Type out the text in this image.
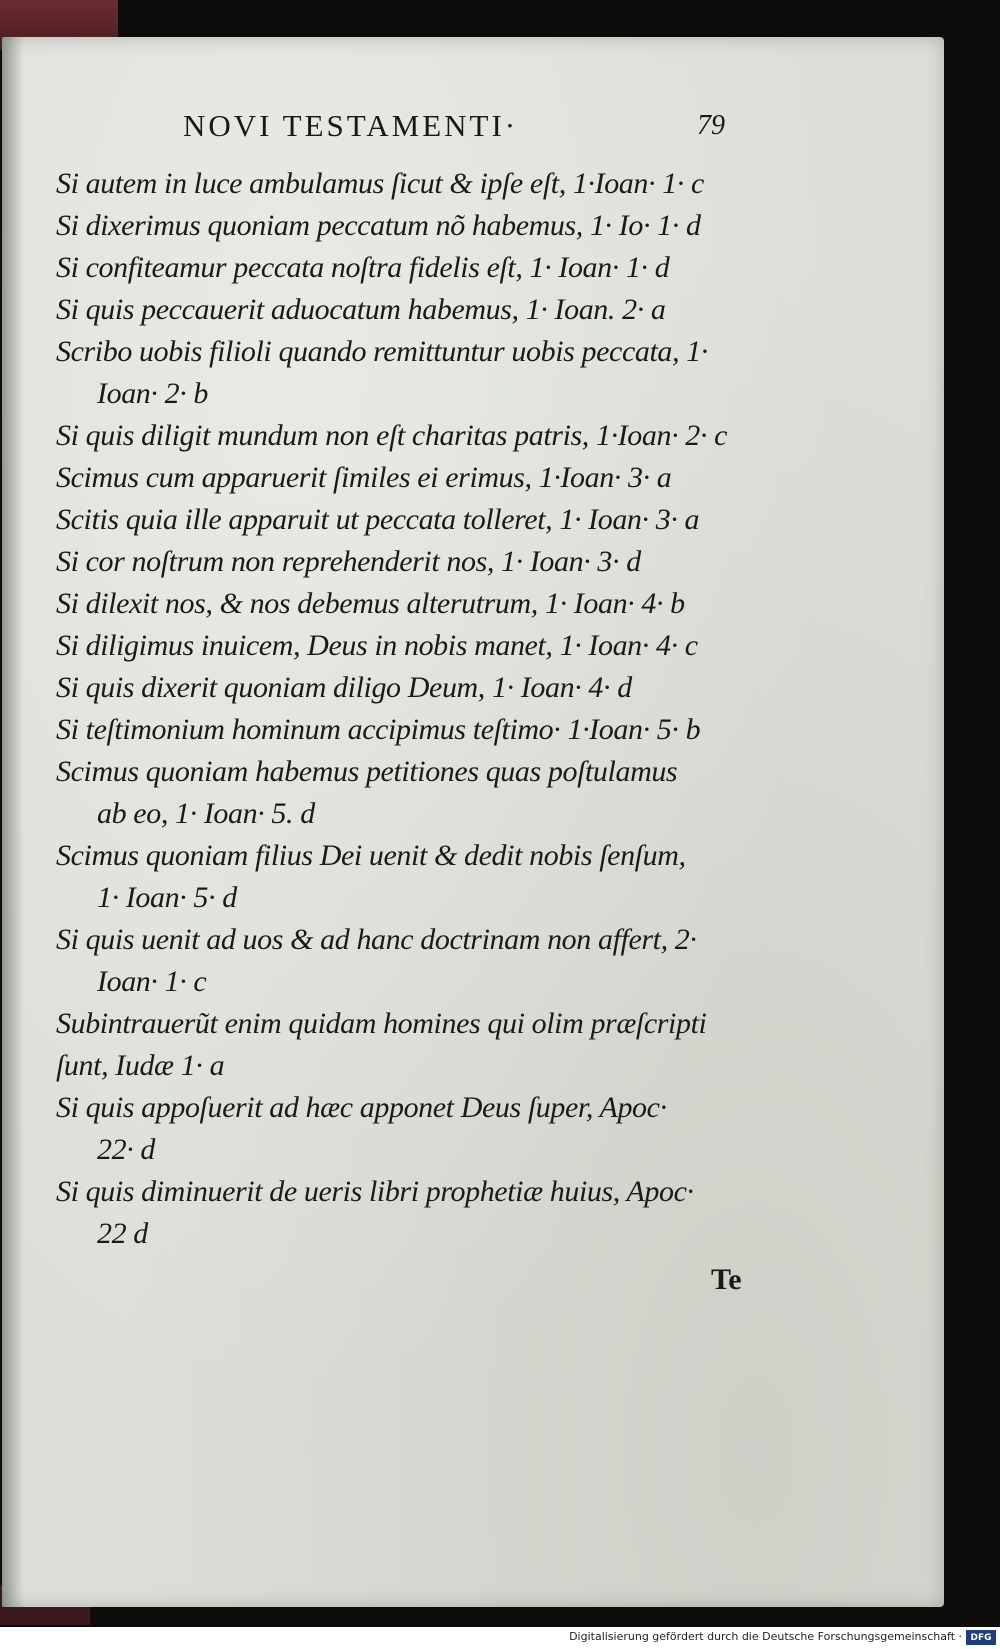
NOVI TESTAMENTI·	79
Si autem in luce ambulamus ſicut & ipſe eſt, 1·Ioan· 1· c
Si dixerimus quoniam peccatum nõ habemus, 1· Io· 1· d
Si confiteamur peccata noſtra fidelis eſt, 1· Ioan· 1· d
Si quis peccauerit aduocatum habemus, 1· Ioan. 2· a
Scribo uobis filioli quando remittuntur uobis peccata, 1·
Ioan· 2· b
Si quis diligit mundum non eſt charitas patris, 1·Ioan· 2· c
Scimus cum apparuerit ſimiles ei erimus, 1·Ioan· 3· a
Scitis quia ille apparuit ut peccata tolleret, 1· Ioan· 3· a
Si cor noſtrum non reprehenderit nos, 1· Ioan· 3· d
Si dilexit nos, & nos debemus alterutrum, 1· Ioan· 4· b
Si diligimus inuicem, Deus in nobis manet, 1· Ioan· 4· c
Si quis dixerit quoniam diligo Deum, 1· Ioan· 4· d
Si teſtimonium hominum accipimus teſtimo· 1·Ioan· 5· b
Scimus quoniam habemus petitiones quas poſtulamus
ab eo, 1· Ioan· 5. d
Scimus quoniam filius Dei uenit & dedit nobis ſenſum,
1· Ioan· 5· d
Si quis uenit ad uos & ad hanc doctrinam non affert, 2·
Ioan· 1· c
Subintrauerũt enim quidam homines qui olim præſcripti
ſunt, Iudæ 1· a
Si quis appoſuerit ad hæc apponet Deus ſuper, Apoc·
22· d
Si quis diminuerit de ueris libri prophetiæ huius, Apoc·
22 d
Te
Digitalisierung gefördert durch die Deutsche Forschungsgemeinschaft · DFG
